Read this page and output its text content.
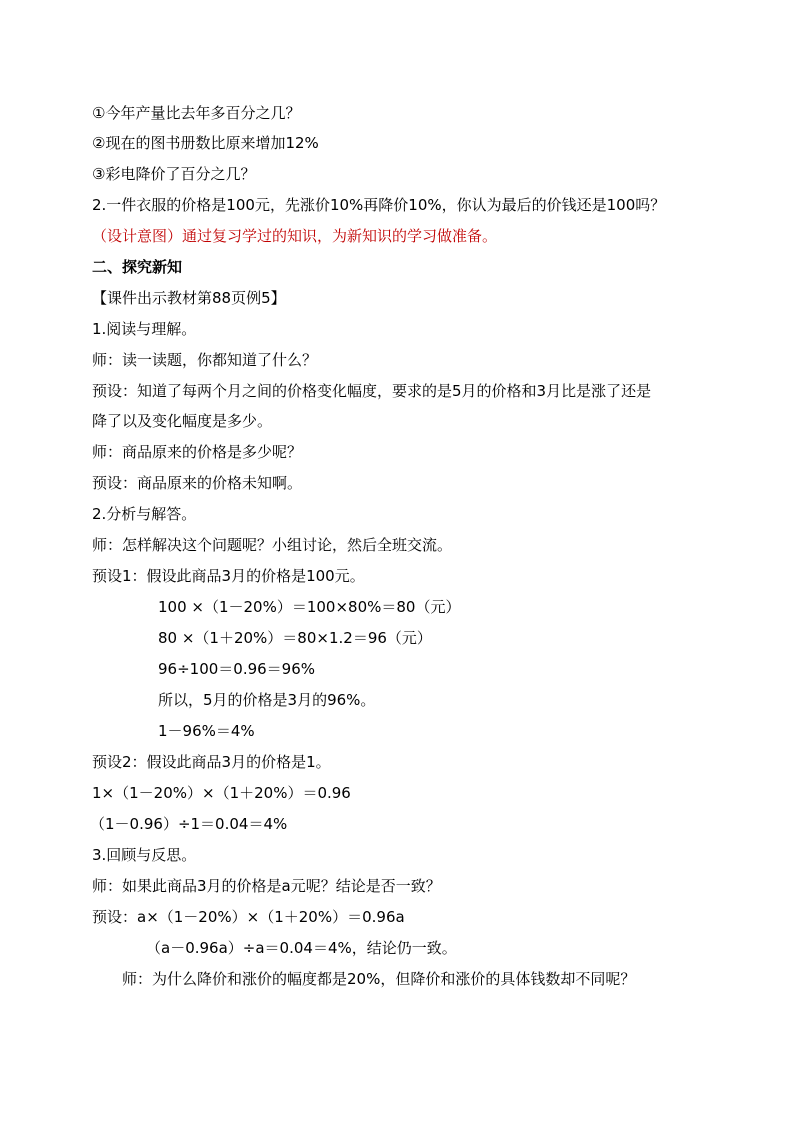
①今年产量比去年多百分之几？
②现在的图书册数比原来增加12%
③彩电降价了百分之几？
2.一件衣服的价格是100元，先涨价10%再降价10%，你认为最后的价钱还是100吗？
（设计意图）通过复习学过的知识，为新知识的学习做准备。
二、探究新知
【课件出示教材第88页例5】
1.阅读与理解。
师：读一读题，你都知道了什么？
预设：知道了每两个月之间的价格变化幅度，要求的是5月的价格和3月比是涨了还是
降了以及变化幅度是多少。
师：商品原来的价格是多少呢？
预设：商品原来的价格未知啊。
2.分析与解答。
师：怎样解决这个问题呢？小组讨论，然后全班交流。
预设1：假设此商品3月的价格是100元。
100 ×（1－20%）＝100×80%＝80（元）
80 ×（1＋20%）＝80×1.2＝96（元）
96÷100＝0.96＝96%
所以，5月的价格是3月的96%。
1－96%＝4%
预设2：假设此商品3月的价格是1。
1×（1－20%）×（1＋20%）＝0.96
（1－0.96）÷1＝0.04＝4%
3.回顾与反思。
师：如果此商品3月的价格是a元呢？结论是否一致？
预设：a×（1－20%）×（1＋20%）＝0.96a
（a－0.96a）÷a＝0.04＝4%，结论仍一致。
师：为什么降价和涨价的幅度都是20%，但降价和涨价的具体钱数却不同呢？
